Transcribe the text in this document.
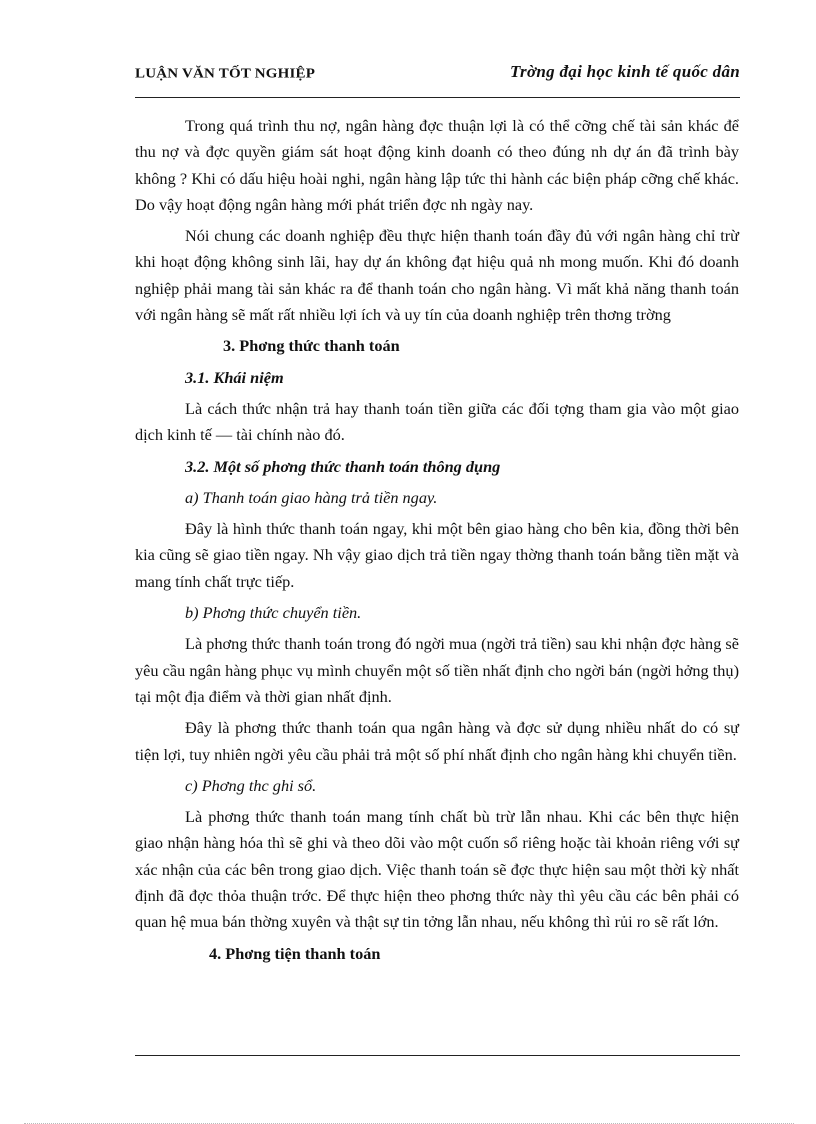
LUẬN VĂN TỐT NGHIỆP	Trờng đại học kinh tế quốc dân

Trong quá trình thu nợ, ngân hàng đợc thuận lợi là có thể cỡng chế tài sản khác để thu nợ và đợc quyền giám sát hoạt động kinh doanh có theo đúng nh dự án đã trình bày không ? Khi có dấu hiệu hoài nghi, ngân hàng lập tức thi hành các biện pháp cỡng chế khác. Do vậy hoạt động ngân hàng mới phát triển đợc nh ngày nay.

Nói chung các doanh nghiệp đều thực hiện thanh toán đầy đủ với ngân hàng chỉ trừ khi hoạt động không sinh lãi, hay dự án không đạt hiệu quả nh mong muốn. Khi đó doanh nghiệp phải mang tài sản khác ra để thanh toán cho ngân hàng. Vì mất khả năng thanh toán với ngân hàng sẽ mất rất nhiều lợi ích và uy tín của doanh nghiệp trên thơng trờng

3. Phơng thức thanh toán
3.1. Khái niệm

Là cách thức nhận trả hay thanh toán tiền giữa các đối tợng tham gia vào một giao dịch kinh tế — tài chính nào đó.

3.2. Một số phơng thức thanh toán thông dụng
a) Thanh toán giao hàng trả tiền ngay.

Đây là hình thức thanh toán ngay, khi một bên giao hàng cho bên kia, đồng thời bên kia cũng sẽ giao tiền ngay. Nh vậy giao dịch trả tiền ngay thờng thanh toán bằng tiền mặt và mang tính chất trực tiếp.

b) Phơng thức chuyển tiền.

Là phơng thức thanh toán trong đó ngời mua (ngời trả tiền) sau khi nhận đợc hàng sẽ yêu cầu ngân hàng phục vụ mình chuyển một số tiền nhất định cho ngời bán (ngời hởng thụ) tại một địa điểm và thời gian nhất định.

Đây là phơng thức thanh toán qua ngân hàng và đợc sử dụng nhiều nhất do có sự tiện lợi, tuy nhiên ngời yêu cầu phải trả một số phí nhất định cho ngân hàng khi chuyển tiền.

c) Phơng thc ghi sổ.

Là phơng thức thanh toán mang tính chất bù trừ lẫn nhau. Khi các bên thực hiện giao nhận hàng hóa thì sẽ ghi và theo dõi vào một cuốn sổ riêng hoặc tài khoản riêng với sự xác nhận của các bên trong giao dịch. Việc thanh toán sẽ đợc thực hiện sau một thời kỳ nhất định đã đợc thỏa thuận trớc. Để thực hiện theo phơng thức này thì yêu cầu các bên phải có quan hệ mua bán thờng xuyên và thật sự tin tởng lẫn nhau, nếu không thì rủi ro sẽ rất lớn.

4. Phơng tiện thanh toán
